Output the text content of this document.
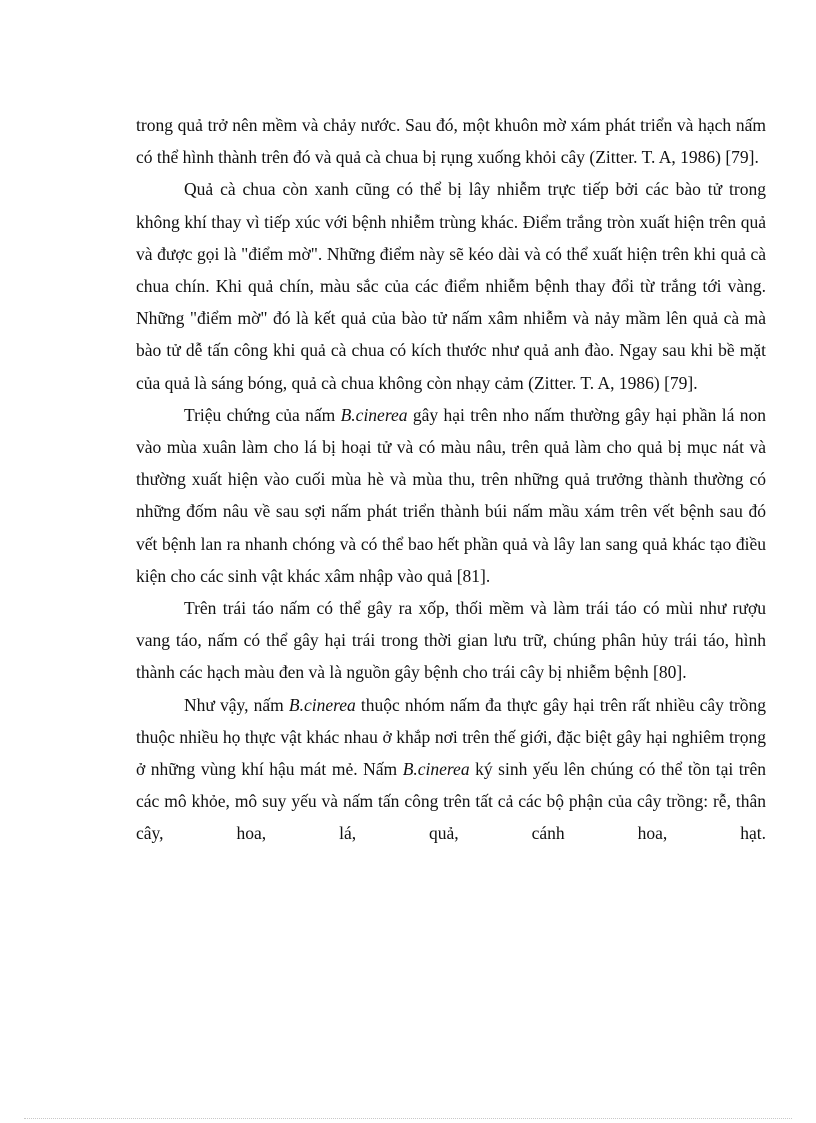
trong quả trở nên mềm và chảy nước. Sau đó, một khuôn mờ xám phát triển và hạch nấm có thể hình thành trên đó và quả cà chua bị rụng xuống khỏi cây (Zitter. T. A, 1986) [79].

Quả cà chua còn xanh cũng có thể bị lây nhiễm trực tiếp bởi các bào tử trong không khí thay vì tiếp xúc với bệnh nhiễm trùng khác. Điểm trắng tròn xuất hiện trên quả và được gọi là "điểm mờ". Những điểm này sẽ kéo dài và có thể xuất hiện trên khi quả cà chua chín. Khi quả chín, màu sắc của các điểm nhiễm bệnh thay đổi từ trắng tới vàng. Những "điểm mờ" đó là kết quả của bào tử nấm xâm nhiễm và nảy mầm lên quả cà mà bào tử dễ tấn công khi quả cà chua có kích thước như quả anh đào. Ngay sau khi bề mặt của quả là sáng bóng, quả cà chua không còn nhạy cảm (Zitter. T. A, 1986) [79].

Triệu chứng của nấm B.cinerea gây hại trên nho nấm thường gây hại phần lá non vào mùa xuân làm cho lá bị hoại tử và có màu nâu, trên quả làm cho quả bị mục nát và thường xuất hiện vào cuối mùa hè và mùa thu, trên những quả trưởng thành thường có những đốm nâu về sau sợi nấm phát triển thành búi nấm mầu xám trên vết bệnh sau đó vết bệnh lan ra nhanh chóng và có thể bao hết phần quả và lây lan sang quả khác tạo điều kiện cho các sinh vật khác xâm nhập vào quả [81].

Trên trái táo nấm có thể gây ra xốp, thối mềm và làm trái táo có mùi như rượu vang táo, nấm có thể gây hại trái trong thời gian lưu trữ, chúng phân hủy trái táo, hình thành các hạch màu đen và là nguồn gây bệnh cho trái cây bị nhiễm bệnh [80].

Như vậy, nấm B.cinerea thuộc nhóm nấm đa thực gây hại trên rất nhiều cây trồng thuộc nhiều họ thực vật khác nhau ở khắp nơi trên thế giới, đặc biệt gây hại nghiêm trọng ở những vùng khí hậu mát mẻ. Nấm B.cinerea ký sinh yếu lên chúng có thể tồn tại trên các mô khỏe, mô suy yếu và nấm tấn công trên tất cả các bộ phận của cây trồng: rễ, thân cây, hoa, lá, quả, cánh hoa, hạt.
